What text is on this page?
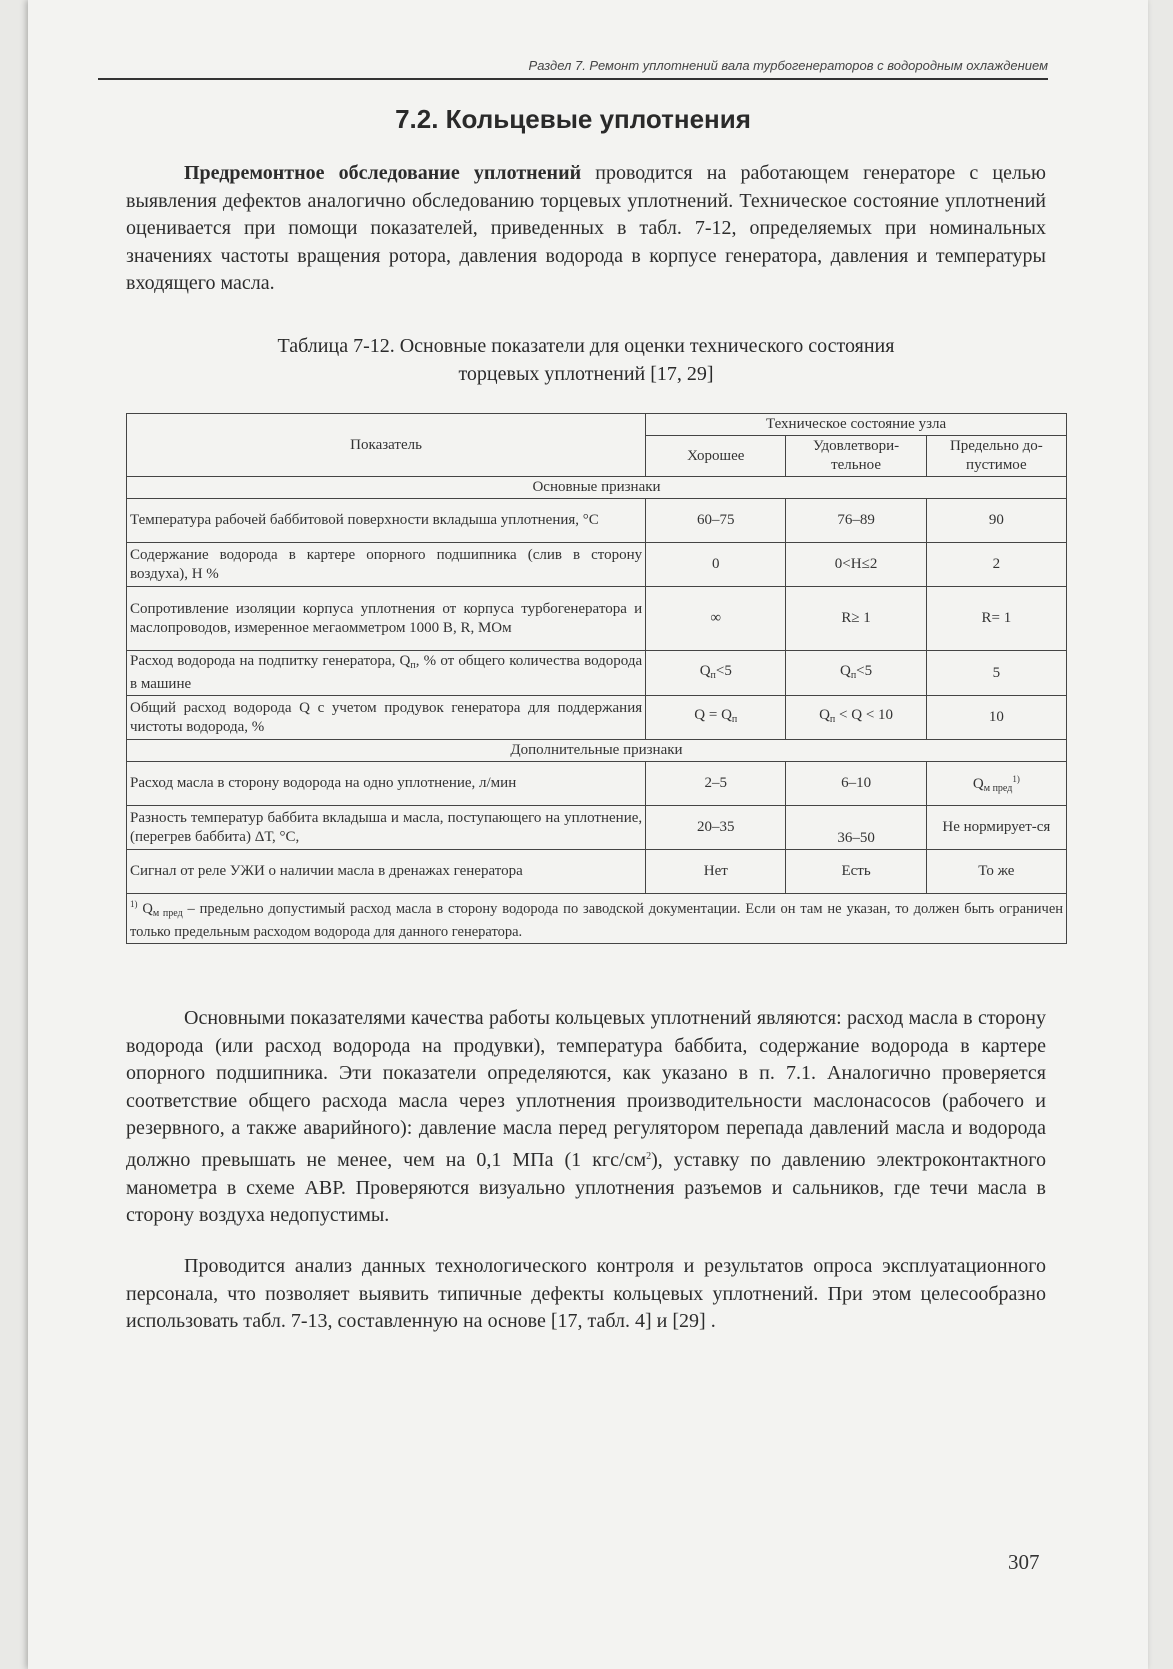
Раздел 7. Ремонт уплотнений вала турбогенераторов с водородным охлаждением
7.2. Кольцевые уплотнения
Предремонтное обследование уплотнений проводится на работающем генераторе с целью выявления дефектов аналогично обследованию торцевых уплотнений. Техническое состояние уплотнений оценивается при помощи показателей, приведенных в табл. 7-12, определяемых при номинальных значениях частоты вращения ротора, давления водорода в корпусе генератора, давления и температуры входящего масла.
Таблица 7-12. Основные показатели для оценки технического состояния
торцевых уплотнений [17, 29]
Показатель	Техническое состояние узла		
	Хорошее	Удовлетвори-тельное	Предельно до-пустимое
Основные признаки			
Температура рабочей баббитовой поверхности вкладыша уплотнения, °С	60–75	76–89	90
Содержание водорода в картере опорного подшипника (слив в сторону воздуха), Н %	0	0<Н≤2	2
Сопротивление изоляции корпуса уплотнения от корпуса турбогенератора и маслопроводов, измеренное мегаомметром 1000 В, R, МОм	∞	R≥ 1	R= 1
Расход водорода на подпитку генератора, $Q_п$, % от общего количества водорода в машине	$Q_п<5$	$Q_п<5$	5
Общий расход водорода Q с учетом продувок генератора для поддержания чистоты водорода, %	$Q = Q_п$	$Q_п < Q < 10$	10
Дополнительные признаки			
Расход масла в сторону водорода на одно уплотнение, л/мин	2–5	6–10	$Q_{м пред}^{1)}$
Разность температур баббита вкладыша и масла, поступающего на уплотнение, (перегрев баббита) ΔТ, °С,	20–35	36–50	Не нормирует-ся
Сигнал от реле УЖИ о наличии масла в дренажах генератора	Нет	Есть	То же
$^{1)}$ $Q_{м пред}$ – предельно допустимый расход масла в сторону водорода по заводской документации. Если он там не указан, то должен быть ограничен только предельным расходом водорода для данного генератора.			
Основными показателями качества работы кольцевых уплотнений являются: расход масла в сторону водорода (или расход водорода на продувки), температура баббита, содержание водорода в картере опорного подшипника. Эти показатели определяются, как указано в п. 7.1. Аналогично проверяется соответствие общего расхода масла через уплотнения производительности маслонасосов (рабочего и резервного, а также аварийного): давление масла перед регулятором перепада давлений масла и водорода должно превышать не менее, чем на 0,1 МПа (1 кгс/$см^2$), уставку по давлению электроконтактного манометра в схеме АВР. Проверяются визуально уплотнения разъемов и сальников, где течи масла в сторону воздуха недопустимы.
Проводится анализ данных технологического контроля и результатов опроса эксплуатационного персонала, что позволяет выявить типичные дефекты кольцевых уплотнений. При этом целесообразно использовать табл. 7-13, составленную на основе [17, табл. 4] и [29] .
307
